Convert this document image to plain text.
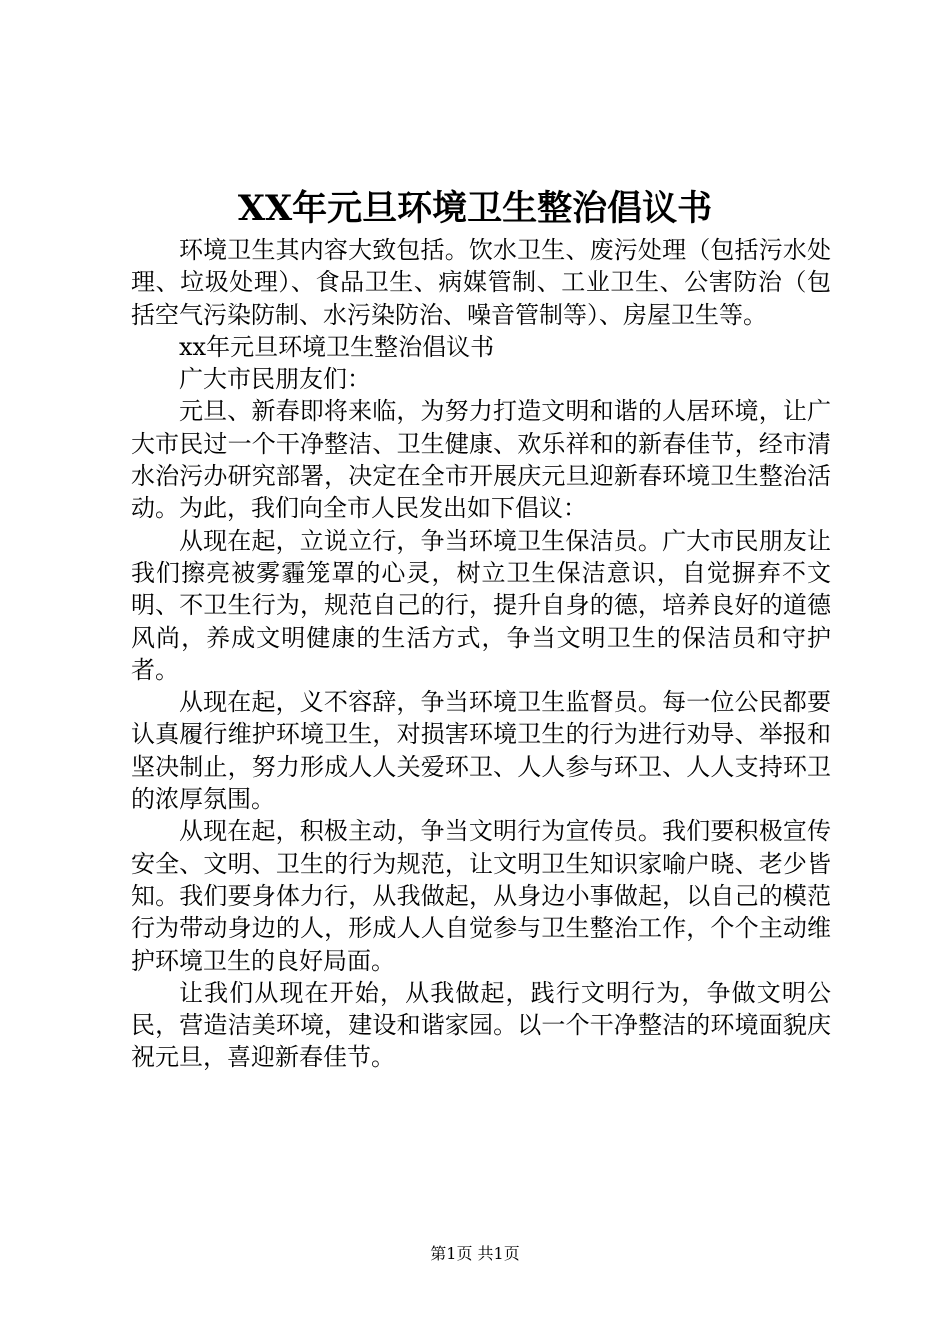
XX年元旦环境卫生整治倡议书

环境卫生其内容大致包括。饮水卫生、废污处理（包括污水处理、垃圾处理）、食品卫生、病媒管制、工业卫生、公害防治（包括空气污染防制、水污染防治、噪音管制等）、房屋卫生等。

xx年元旦环境卫生整治倡议书

广大市民朋友们：

元旦、新春即将来临，为努力打造文明和谐的人居环境，让广大市民过一个干净整洁、卫生健康、欢乐祥和的新春佳节，经市清水治污办研究部署，决定在全市开展庆元旦迎新春环境卫生整治活动。为此，我们向全市人民发出如下倡议：

从现在起，立说立行，争当环境卫生保洁员。广大市民朋友让我们擦亮被雾霾笼罩的心灵，树立卫生保洁意识，自觉摒弃不文明、不卫生行为，规范自己的行，提升自身的德，培养良好的道德风尚，养成文明健康的生活方式，争当文明卫生的保洁员和守护者。

从现在起，义不容辞，争当环境卫生监督员。每一位公民都要认真履行维护环境卫生，对损害环境卫生的行为进行劝导、举报和坚决制止，努力形成人人关爱环卫、人人参与环卫、人人支持环卫的浓厚氛围。

从现在起，积极主动，争当文明行为宣传员。我们要积极宣传安全、文明、卫生的行为规范，让文明卫生知识家喻户晓、老少皆知。我们要身体力行，从我做起，从身边小事做起，以自己的模范行为带动身边的人，形成人人自觉参与卫生整治工作，个个主动维护环境卫生的良好局面。

让我们从现在开始，从我做起，践行文明行为，争做文明公民，营造洁美环境，建设和谐家园。以一个干净整洁的环境面貌庆祝元旦，喜迎新春佳节。

第1页 共1页
